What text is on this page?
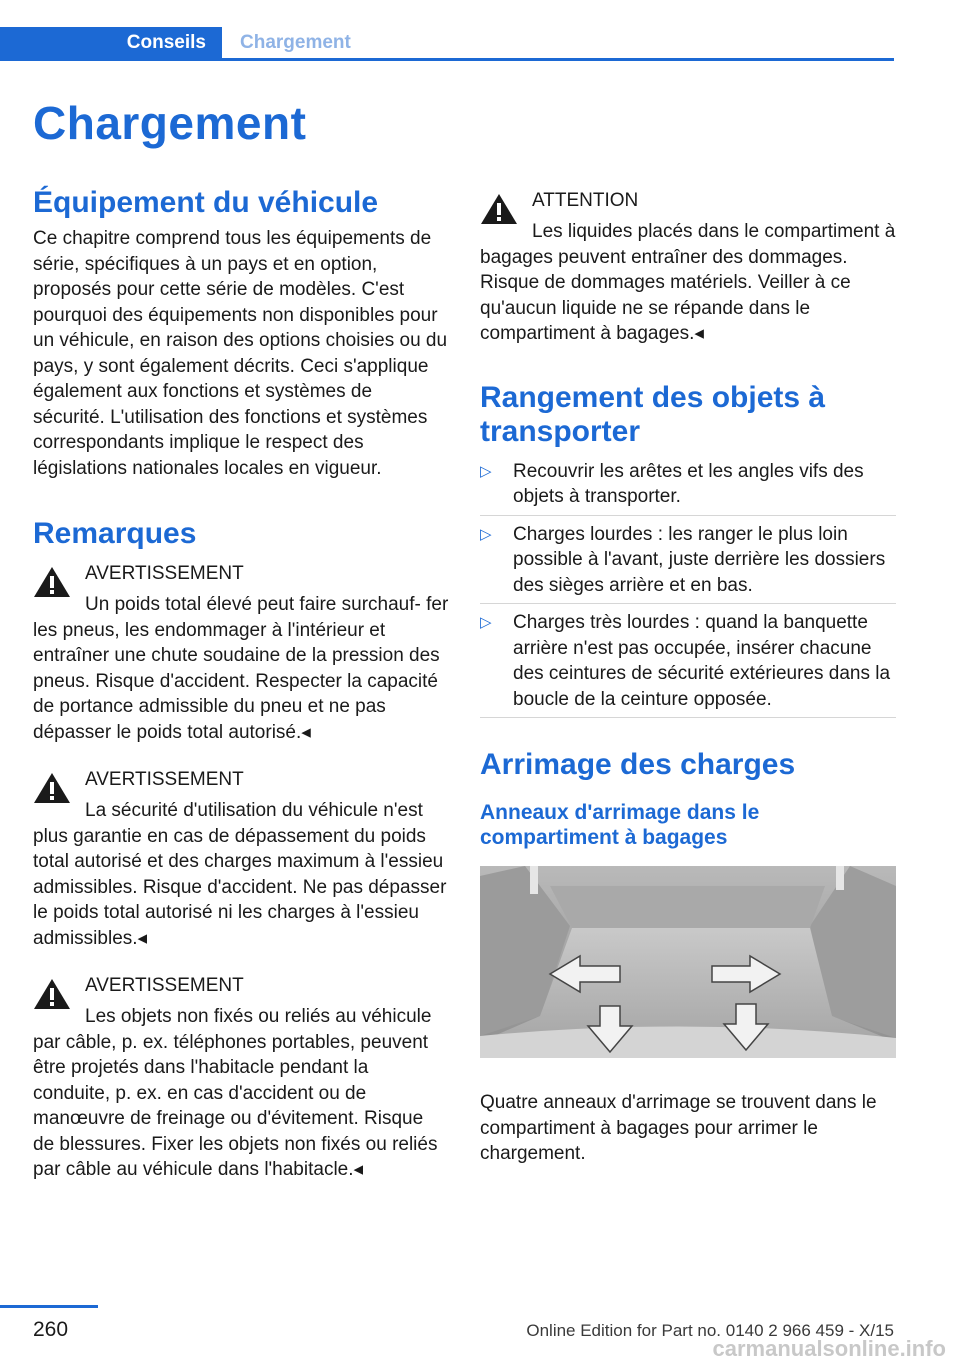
Conseils	Chargement
Chargement
Équipement du véhicule

Ce chapitre comprend tous les équipements de série, spécifiques à un pays et en option, proposés pour cette série de modèles. C'est pourquoi des équipements non disponibles pour un véhicule, en raison des options choisies ou du pays, y sont également décrits. Ceci s'applique également aux fonctions et systèmes de sécurité. L'utilisation des fonctions et systèmes correspondants implique le respect des législations nationales locales en vigueur.

Remarques
AVERTISSEMENT

Un poids total élevé peut faire surchauf- fer les pneus, les endommager à l'intérieur et entraîner une chute soudaine de la pression des pneus. Risque d'accident. Respecter la capacité de portance admissible du pneu et ne pas dépasser le poids total autorisé.◂

AVERTISSEMENT

La sécurité d'utilisation du véhicule n'est plus garantie en cas de dépassement du poids total autorisé et des charges maximum à l'essieu admissibles. Risque d'accident. Ne pas dépasser le poids total autorisé ni les charges à l'essieu admissibles.◂

AVERTISSEMENT

Les objets non fixés ou reliés au véhicule par câble, p. ex. téléphones portables, peuvent être projetés dans l'habitacle pendant la conduite, p. ex. en cas d'accident ou de manœuvre de freinage ou d'évitement. Risque de blessures. Fixer les objets non fixés ou reliés par câble au véhicule dans l'habitacle.◂

ATTENTION

Les liquides placés dans le compartiment à bagages peuvent entraîner des dommages. Risque de dommages matériels. Veiller à ce qu'aucun liquide ne se répande dans le compartiment à bagages.◂

Rangement des objets à transporter
▷ Recouvrir les arêtes et les angles vifs des objets à transporter.
▷ Charges lourdes : les ranger le plus loin possible à l'avant, juste derrière les dossiers des sièges arrière et en bas.
▷ Charges très lourdes : quand la banquette arrière n'est pas occupée, insérer chacune des ceintures de sécurité extérieures dans la boucle de la ceinture opposée.
Arrimage des charges
Anneaux d'arrimage dans le compartiment à bagages

Quatre anneaux d'arrimage se trouvent dans le compartiment à bagages pour arrimer le chargement.

260	Online Edition for Part no. 0140 2 966 459 - X/15
carmanualsonline.info
